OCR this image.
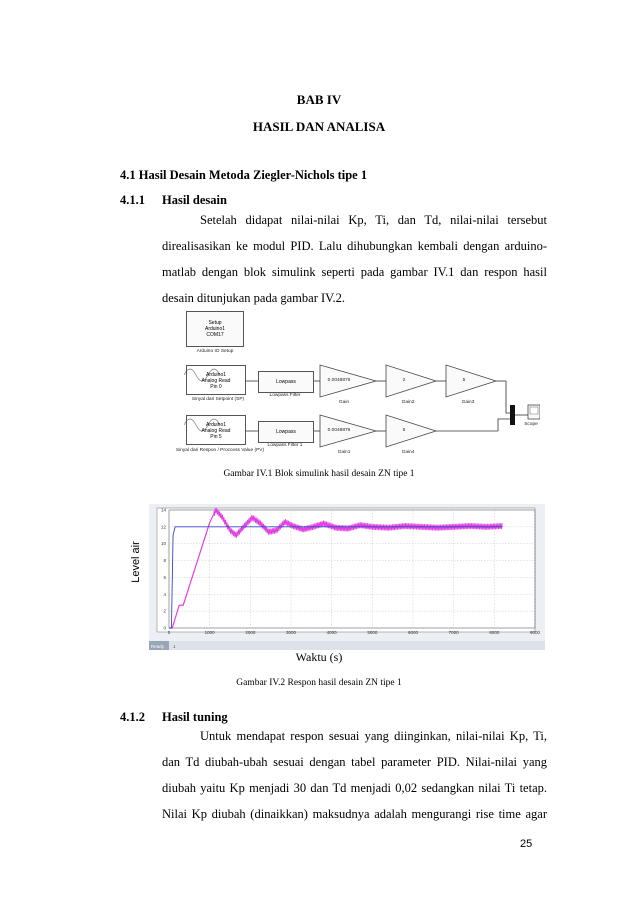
BAB IV
HASIL DAN ANALISA
4.1 Hasil Desain Metoda Ziegler-Nichols tipe 1
4.1.1 Hasil desain
Setelah didapat nilai-nilai Kp, Ti, dan Td, nilai-nilai tersebut
direalisasikan ke modul PID. Lalu dihubungkan kembali dengan arduino-
matlab dengan blok simulink seperti pada gambar IV.1 dan respon hasil
desain ditunjukan pada gambar IV.2.
Setup
Arduino1
COM17
Arduino IO Setup
Arduino1
Analog Read
Pin 0
Sinyal dari Setpoint (SP)
Arduino1
Analog Read
Pin 5
Sinyal dari Respon / Proccess Value (PV)
Lowpass
Lowpass Filter
Lowpass
Lowpass Filter 1
0.0048876
Gain
2
Gain2
5
Gain3
0.0048876
Gain1
5
Gain4
Scope
Gambar IV.1 Blok simulink hasil desain ZN tipe 1
0	1000	2000	3000	4000	5000	6000	7000	8000	9000
0
2
4
6
8
10
12
14
Ready 1
Level air
Waktu (s)
Gambar IV.2 Respon hasil desain ZN tipe 1
4.1.2 Hasil tuning
Untuk mendapat respon sesuai yang diinginkan, nilai-nilai Kp, Ti,
dan Td diubah-ubah sesuai dengan tabel parameter PID. Nilai-nilai yang
diubah yaitu Kp menjadi 30 dan Td menjadi 0,02 sedangkan nilai Ti tetap.
Nilai Kp diubah (dinaikkan) maksudnya adalah mengurangi rise time agar
25
